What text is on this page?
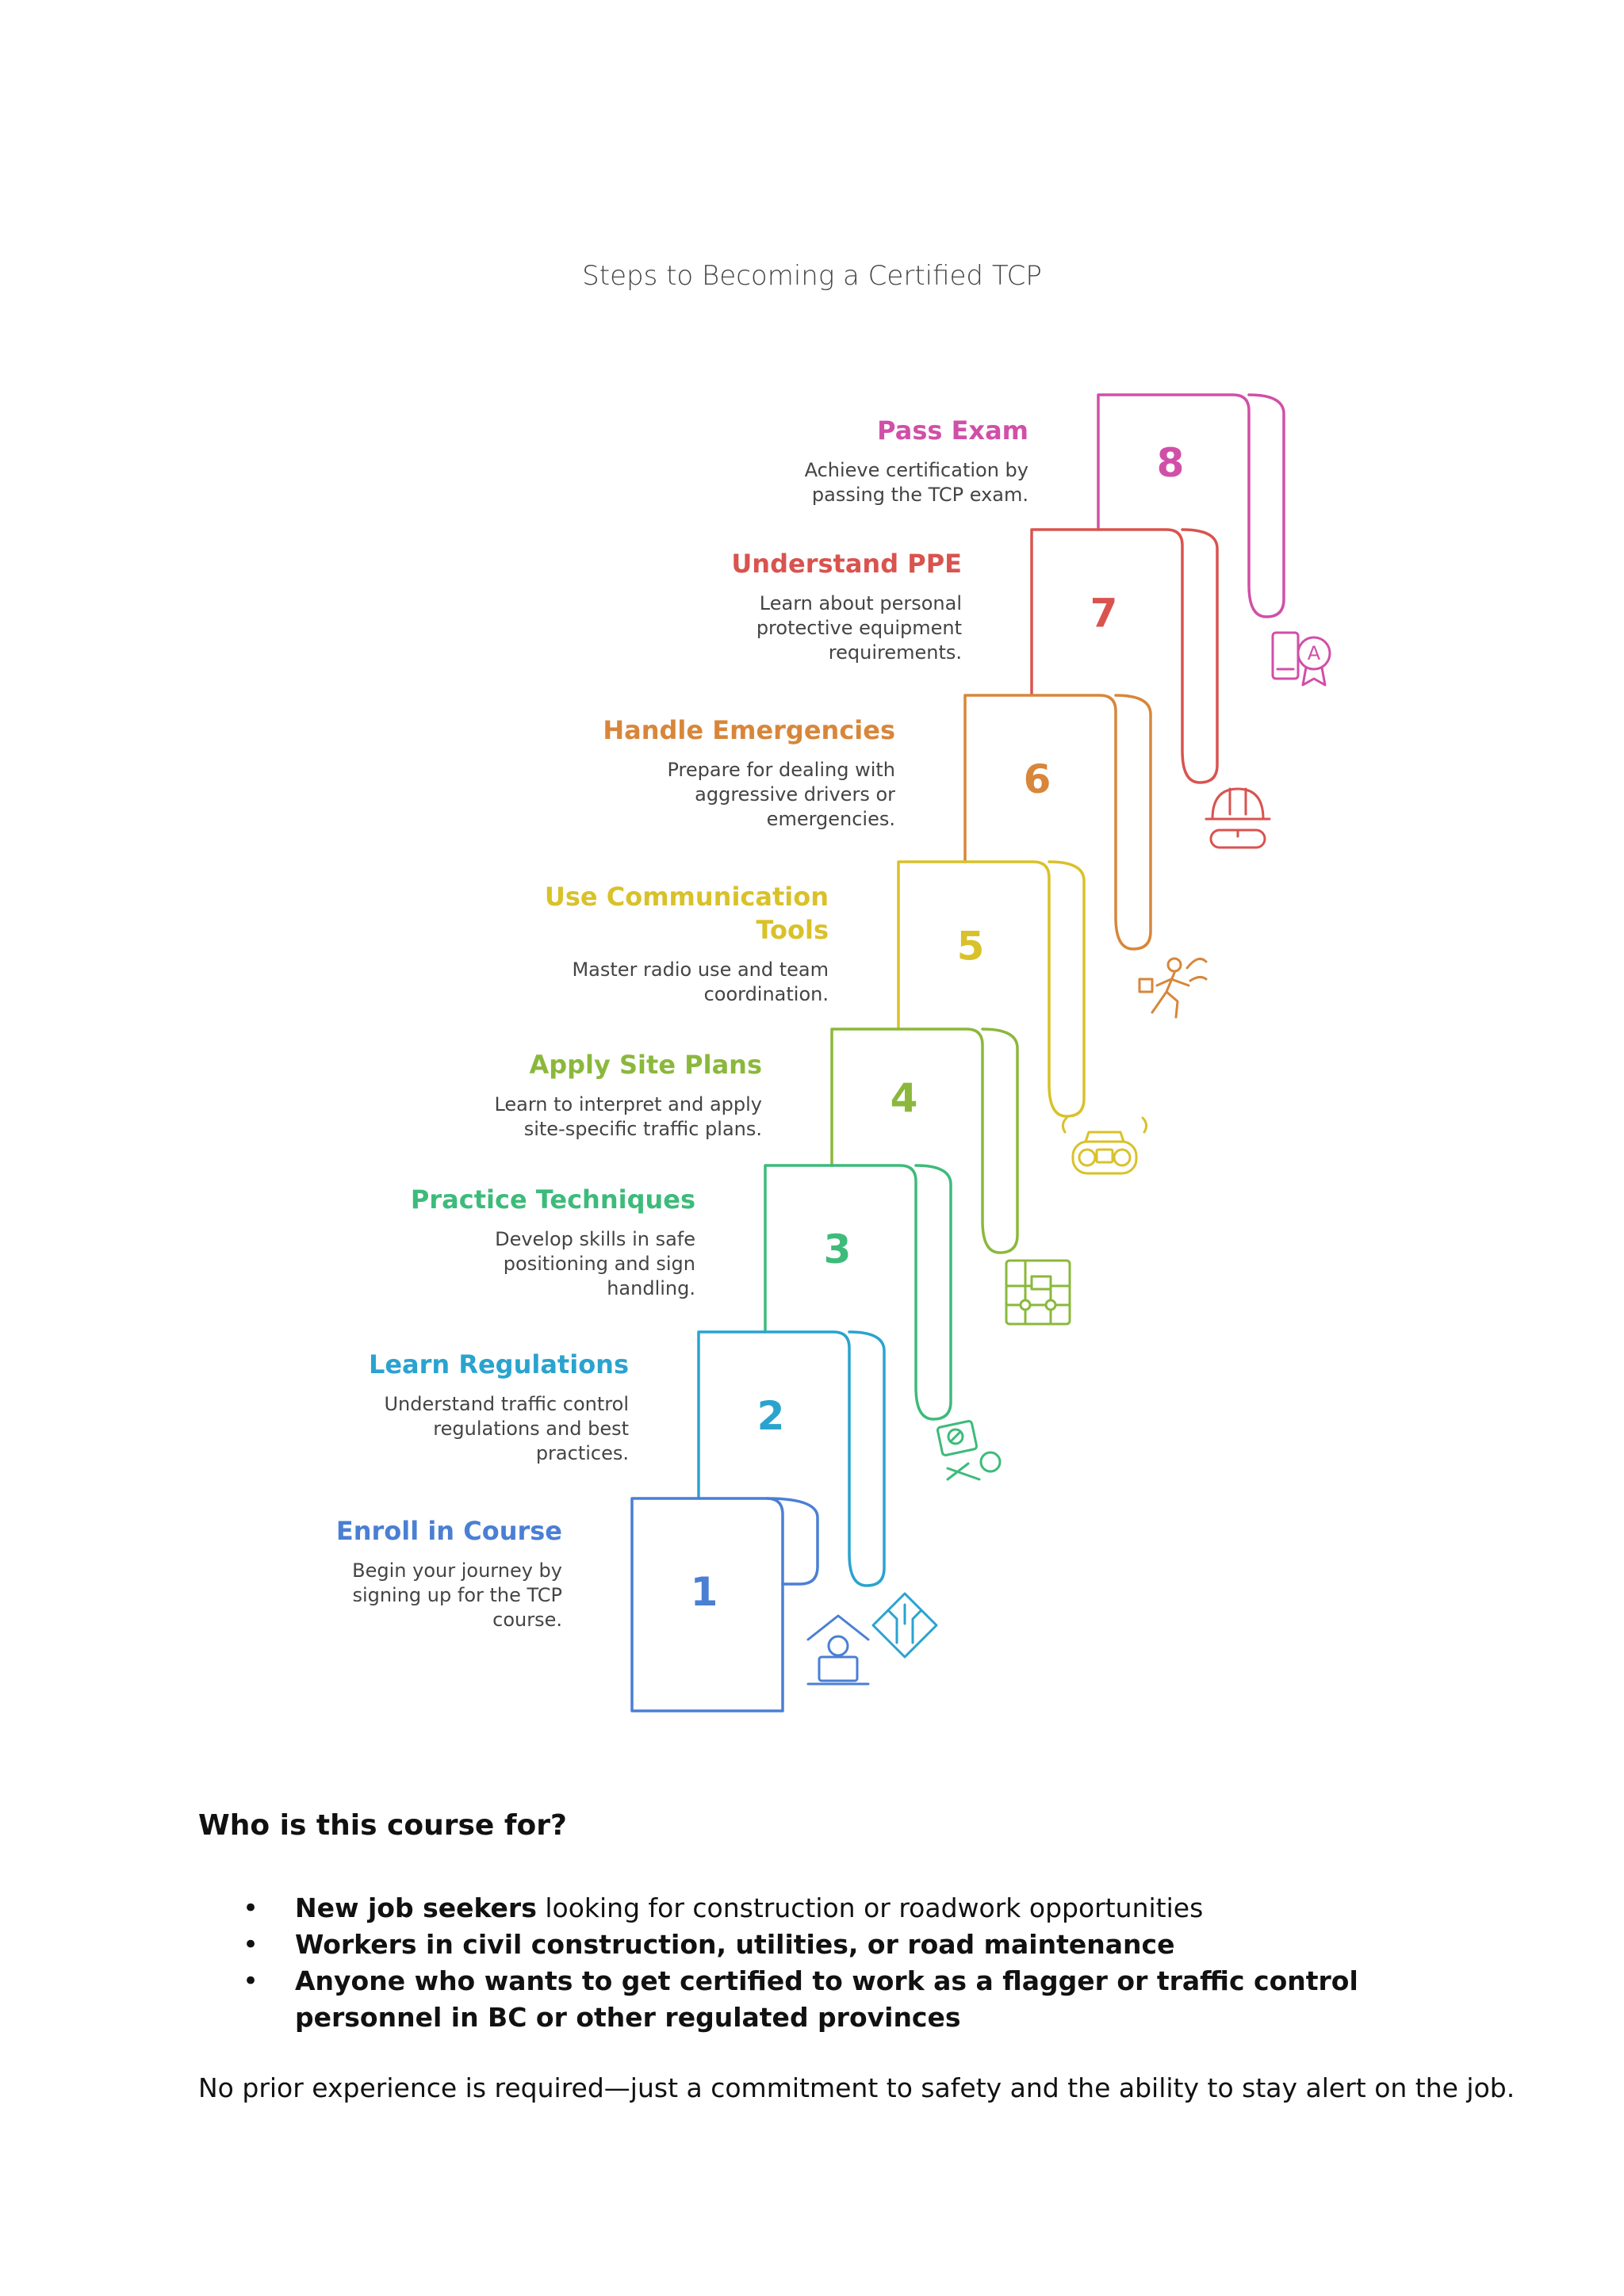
Steps to Becoming a Certified TCP
8
A
7
6
5
4
3
2
1
Enroll in Course
Begin your journey by
signing up for the TCP
course.
Learn Regulations
Understand traffic control
regulations and best
practices.
Practice Techniques
Develop skills in safe
positioning and sign
handling.
Apply Site Plans
Learn to interpret and apply
site-specific traffic plans.
Use Communication
Tools
Master radio use and team
coordination.
Handle Emergencies
Prepare for dealing with
aggressive drivers or
emergencies.
Understand PPE
Learn about personal
protective equipment
requirements.
Pass Exam
Achieve certification by
passing the TCP exam.
Who is this course for?
• New job seekers looking for construction or roadwork opportunities
• Workers in civil construction, utilities, or road maintenance
• Anyone who wants to get certified to work as a flagger or traffic control personnel in BC or other regulated provinces
No prior experience is required—just a commitment to safety and the ability to stay alert on the job.
